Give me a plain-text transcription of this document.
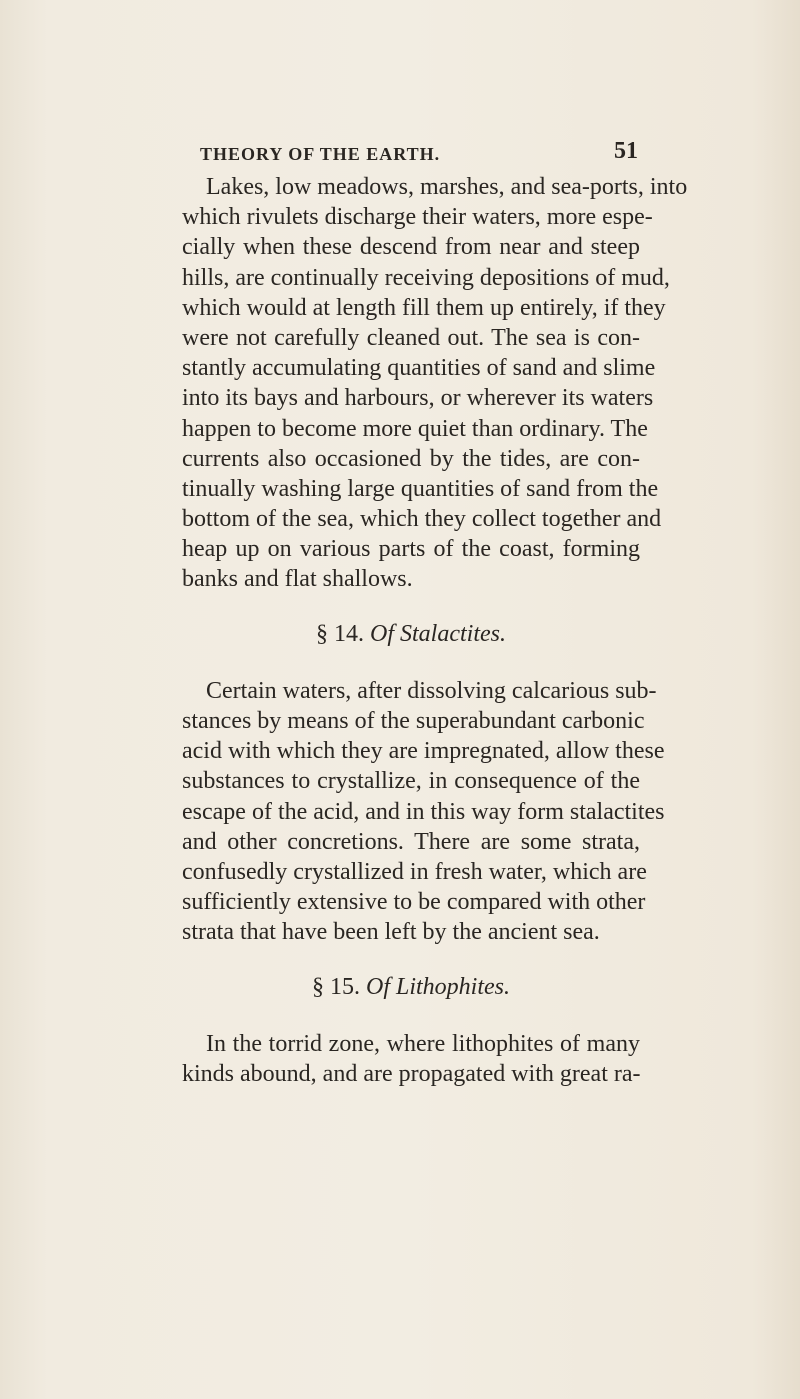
THEORY OF THE EARTH.	51
Lakes, low meadows, marshes, and sea-ports, into
which rivulets discharge their waters, more espe-
cially when these descend from near and steep
hills, are continually receiving depositions of mud,
which would at length fill them up entirely, if they
were not carefully cleaned out. The sea is con-
stantly accumulating quantities of sand and slime
into its bays and harbours, or wherever its waters
happen to become more quiet than ordinary. The
currents also occasioned by the tides, are con-
tinually washing large quantities of sand from the
bottom of the sea, which they collect together and
heap up on various parts of the coast, forming
banks and flat shallows.
§ 14. Of Stalactites.
Certain waters, after dissolving calcarious sub-
stances by means of the superabundant carbonic
acid with which they are impregnated, allow these
substances to crystallize, in consequence of the
escape of the acid, and in this way form stalactites
and other concretions. There are some strata,
confusedly crystallized in fresh water, which are
sufficiently extensive to be compared with other
strata that have been left by the ancient sea.
§ 15. Of Lithophites.
In the torrid zone, where lithophites of many
kinds abound, and are propagated with great ra-
